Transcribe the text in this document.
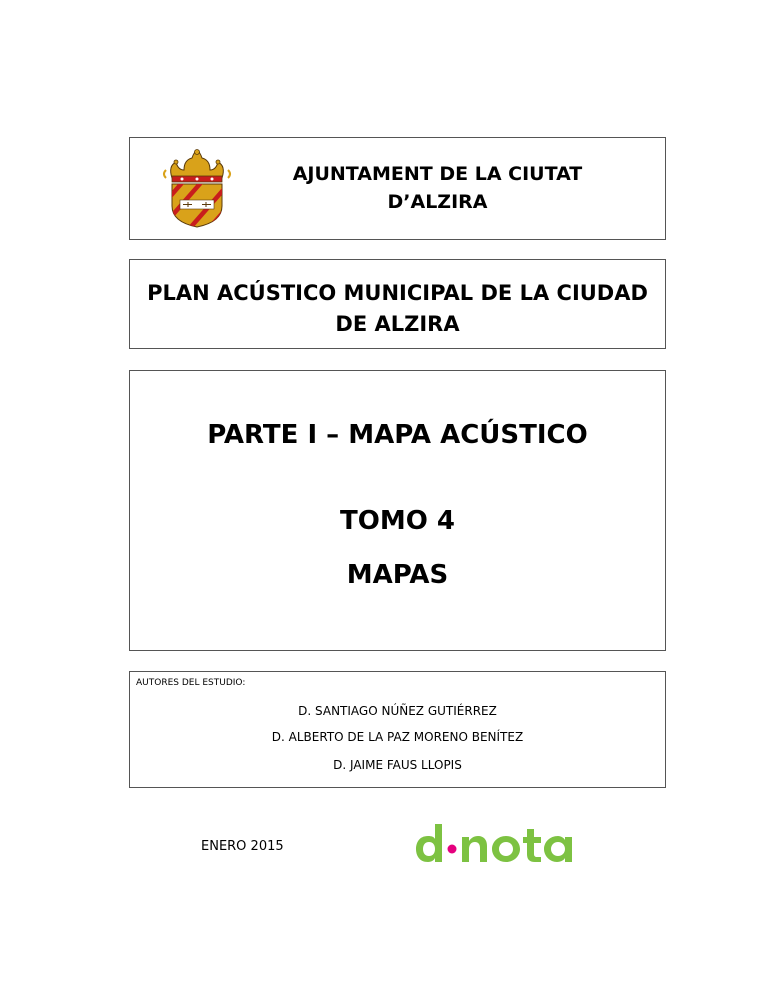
AJUNTAMENT DE LA CIUTAT
D’ALZIRA
PLAN ACÚSTICO MUNICIPAL DE LA CIUDAD
DE ALZIRA
PARTE I – MAPA ACÚSTICO
TOMO 4
MAPAS
AUTORES DEL ESTUDIO:
D. SANTIAGO NÚÑEZ GUTIÉRREZ
D. ALBERTO DE LA PAZ MORENO BENÍTEZ
D. JAIME FAUS LLOPIS
ENERO 2015
